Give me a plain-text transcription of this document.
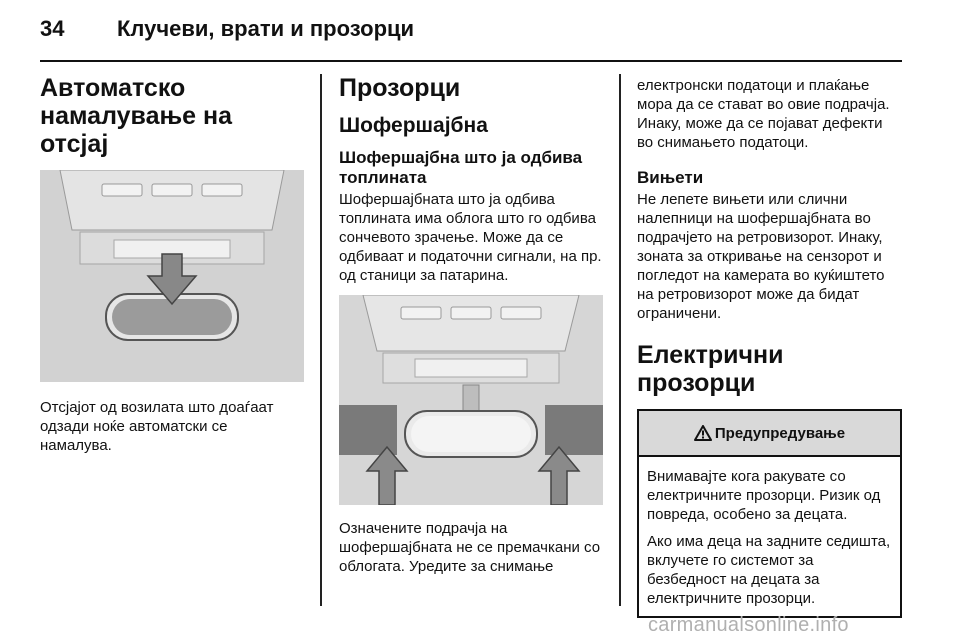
34 Клучеви, врати и прозорци
Автоматско намалување на отсјај
Отсјајот од возилата што доаѓаат одзади ноќе автоматски се намалува.
Прозорци
Шофершајбна
Шофершајбна што ја одбива топлината
Шофершајбната што ја одбива топлината има облога што го одбива сончевото зрачење. Може да се одбиваат и податочни сигнали, на пр. од станици за патарина.
Означените подрачја на шофершајбната не се премачкани со облогата. Уредите за снимање
електронски податоци и плаќање мора да се стават во овие подрачја. Инаку, може да се појават дефекти во снимањето податоци.
Вињети
Не лепете вињети или слични налепници на шофершајбната во подрачјето на ретровизорот. Инаку, зоната за откривање на сензорот и погледот на камерата во куќиштето на ретровизорот може да бидат ограничени.
Електрични прозорци
Предупредување
Внимавајте кога ракувате со електричните прозорци. Ризик од повреда, особено за децата.
Ако има деца на задните седишта, вклучете го системот за безбедност на децата за електричните прозорци.
carmanualsonline.info
